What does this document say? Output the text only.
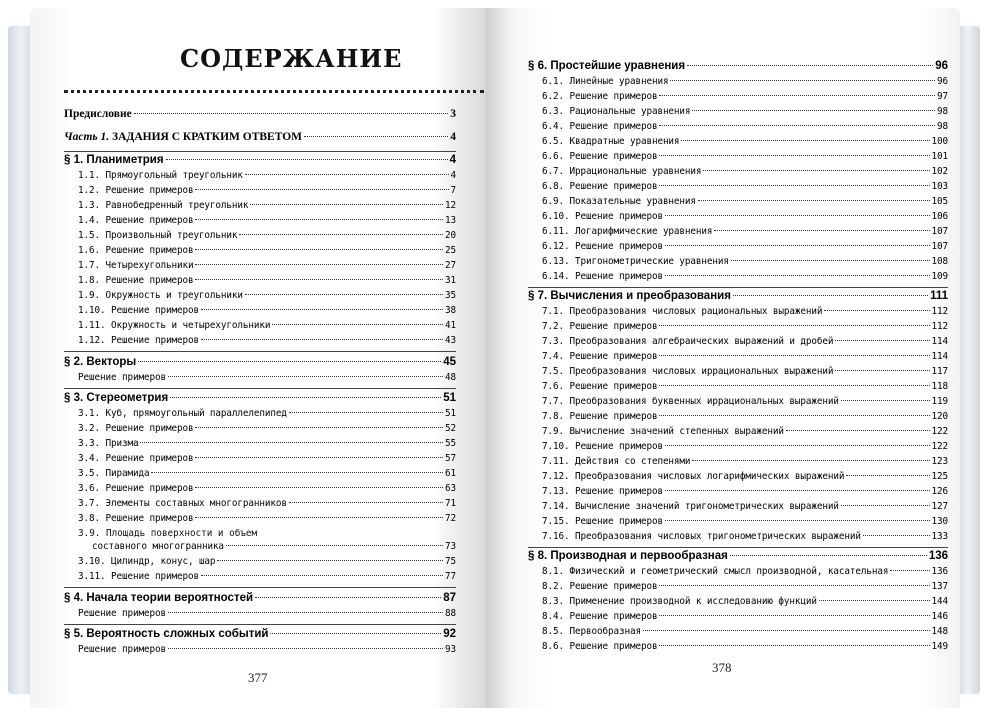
СОДЕРЖАНИЕ
Предисловие	3
Часть 1. ЗАДАНИЯ С КРАТКИМ ОТВЕТОМ	4
§ 1. Планиметрия	4
1.1. Прямоугольный треугольник	4
1.2. Решение примеров	7
1.3. Равнобедренный треугольник	12
1.4. Решение примеров	13
1.5. Произвольный треугольник	20
1.6. Решение примеров	25
1.7. Четырехугольники	27
1.8. Решение примеров	31
1.9. Окружность и треугольники	35
1.10. Решение примеров	38
1.11. Окружность и четырехугольники	41
1.12. Решение примеров	43
§ 2. Векторы	45
Решение примеров	48
§ 3. Стереометрия	51
3.1. Куб, прямоугольный параллелепипед	51
3.2. Решение примеров	52
3.3. Призма	55
3.4. Решение примеров	57
3.5. Пирамида	61
3.6. Решение примеров	63
3.7. Элементы составных многогранников	71
3.8. Решение примеров	72
3.9. Площадь поверхности и объем
составного многогранника	73
3.10. Цилиндр, конус, шар	75
3.11. Решение примеров	77
§ 4. Начала теории вероятностей	87
Решение примеров	88
§ 5. Вероятность сложных событий	92
Решение примеров	93
377
§ 6. Простейшие уравнения	96
6.1. Линейные уравнения	96
6.2. Решение примеров	97
6.3. Рациональные уравнения	98
6.4. Решение примеров	98
6.5. Квадратные уравнения	100
6.6. Решение примеров	101
6.7. Иррациональные уравнения	102
6.8. Решение примеров	103
6.9. Показательные уравнения	105
6.10. Решение примеров	106
6.11. Логарифмические уравнения	107
6.12. Решение примеров	107
6.13. Тригонометрические уравнения	108
6.14. Решение примеров	109
§ 7. Вычисления и преобразования	111
7.1. Преобразования числовых рациональных выражений	112
7.2. Решение примеров	112
7.3. Преобразования алгебраических выражений и дробей	114
7.4. Решение примеров	114
7.5. Преобразования числовых иррациональных выражений	117
7.6. Решение примеров	118
7.7. Преобразования буквенных иррациональных выражений	119
7.8. Решение примеров	120
7.9. Вычисление значений степенных выражений	122
7.10. Решение примеров	122
7.11. Действия со степенями	123
7.12. Преобразования числовых логарифмических выражений	125
7.13. Решение примеров	126
7.14. Вычисление значений тригонометрических выражений	127
7.15. Решение примеров	130
7.16. Преобразования числовых тригонометрических выражений	133
§ 8. Производная и первообразная	136
8.1. Физический и геометрический смысл производной, касательная	136
8.2. Решение примеров	137
8.3. Применение производной к исследованию функций	144
8.4. Решение примеров	146
8.5. Первообразная	148
8.6. Решение примеров	149
378
